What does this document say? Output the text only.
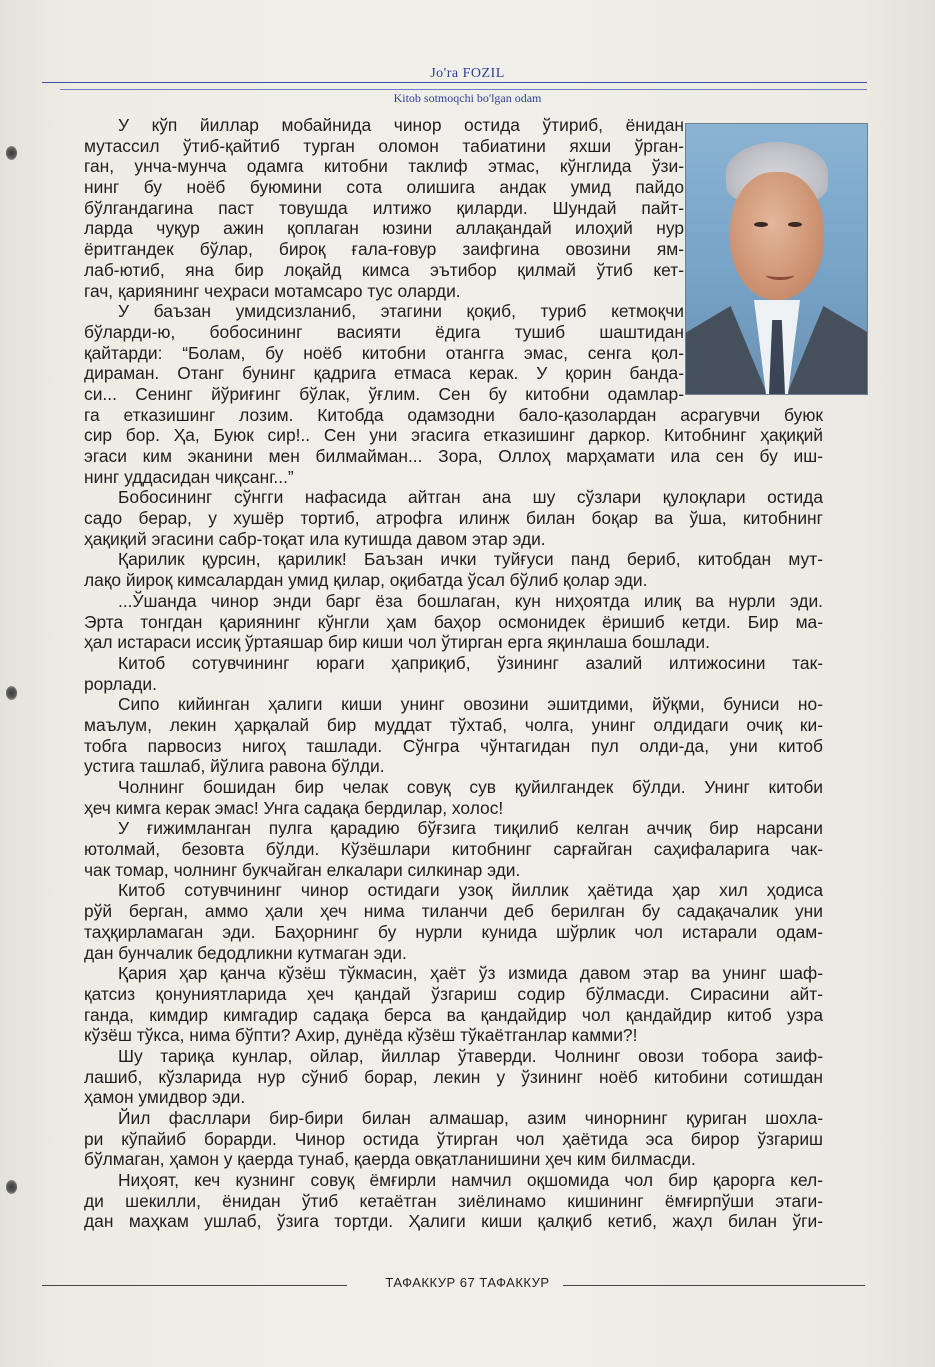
Jo'ra FOZIL
Kitob sotmoqchi bo'lgan odam
У кўп йиллар мобайнида чинор остида ўтириб, ёнидан
мутассил ўтиб-қайтиб турган оломон табиатини яхши ўрган-
ган, унча-мунча одамга китобни таклиф этмас, кўнглида ўзи-
нинг бу ноёб буюмини сота олишига андак умид пайдо
бўлгандагина паст товушда илтижо қиларди. Шундай пайт-
ларда чуқур ажин қоплаган юзини аллақандай илоҳий нур
ёритгандек бўлар, бироқ ғала-ғовур заифгина овозини ям-
лаб-ютиб, яна бир лоқайд кимса эътибор қилмай ўтиб кет-
гач, қариянинг чеҳраси мотамсаро тус оларди.
У баъзан умидсизланиб, этагини қоқиб, туриб кетмоқчи
бўларди-ю, бобосининг васияти ёдига тушиб шаштидан
қайтарди: “Болам, бу ноёб китобни отангга эмас, сенга қол-
дираман. Отанг бунинг қадрига етмаса керак. У қорин банда-
си... Сенинг йўриғинг бўлак, ўғлим. Сен бу китобни одамлар-
га етказишинг лозим. Китобда одамзодни бало-қазолардан асрагувчи буюк
сир бор. Ҳа, Буюк сир!.. Сен уни эгасига етказишинг даркор. Китобнинг ҳақиқий
эгаси ким эканини мен билмайман... Зора, Оллоҳ марҳамати ила сен бу иш-
нинг уддасидан чиқсанг...”
Бобосининг сўнгги нафасида айтган ана шу сўзлари қулоқлари остида
садо берар, у хушёр тортиб, атрофга илинж билан боқар ва ўша, китобнинг
ҳақиқий эгасини сабр-тоқат ила кутишда давом этар эди.
Қарилик қурсин, қарилик! Баъзан ички туйғуси панд бериб, китобдан мут-
лақо йироқ кимсалардан умид қилар, оқибатда ўсал бўлиб қолар эди.
...Ўшанда чинор энди барг ёза бошлаган, кун ниҳоятда илиқ ва нурли эди.
Эрта тонгдан қариянинг кўнгли ҳам баҳор осмонидек ёришиб кетди. Бир ма-
ҳал истараси иссиқ ўртаяшар бир киши чол ўтирган ерга яқинлаша бошлади.
Китоб сотувчининг юраги ҳаприқиб, ўзининг азалий илтижосини так-
рорлади.
Сипо кийинган ҳалиги киши унинг овозини эшитдими, йўқми, буниси но-
маълум, лекин ҳарқалай бир муддат тўхтаб, чолга, унинг олдидаги очиқ ки-
тобга парвосиз нигоҳ ташлади. Сўнгра чўнтагидан пул олди-да, уни китоб
устига ташлаб, йўлига равона бўлди.
Чолнинг бошидан бир челак совуқ сув қуйилгандек бўлди. Унинг китоби
ҳеч кимга керак эмас! Унга садақа бердилар, холос!
У ғижимланган пулга қарадию бўғзига тиқилиб келган аччиқ бир нарсани
ютолмай, безовта бўлди. Кўзёшлари китобнинг сарғайган саҳифаларига чак-
чак томар, чолнинг букчайган елкалари силкинар эди.
Китоб сотувчининг чинор остидаги узоқ йиллик ҳаётида ҳар хил ҳодиса
рўй берган, аммо ҳали ҳеч нима тиланчи деб берилган бу садақачалик уни
таҳқирламаган эди. Баҳорнинг бу нурли кунида шўрлик чол истарали одам-
дан бунчалик бедодликни кутмаган эди.
Қария ҳар қанча кўзёш тўкмасин, ҳаёт ўз измида давом этар ва унинг шаф-
қатсиз қонуниятларида ҳеч қандай ўзгариш содир бўлмасди. Сирасини айт-
ганда, кимдир кимгадир садақа берса ва қандайдир чол қандайдир китоб узра
кўзёш тўкса, нима бўпти? Ахир, дунёда кўзёш тўкаётганлар камми?!
Шу тариқа кунлар, ойлар, йиллар ўтаверди. Чолнинг овози тобора заиф-
лашиб, кўзларида нур сўниб борар, лекин у ўзининг ноёб китобини сотишдан
ҳамон умидвор эди.
Йил фасллари бир-бири билан алмашар, азим чинорнинг қуриган шохла-
ри кўпайиб борарди. Чинор остида ўтирган чол ҳаётида эса бирор ўзгариш
бўлмаган, ҳамон у қаерда тунаб, қаерда овқатланишини ҳеч ким билмасди.
Ниҳоят, кеч кузнинг совуқ ёмғирли намчил оқшомида чол бир қарорга кел-
ди шекилли, ёнидан ўтиб кетаётган зиёлинамо кишининг ёмғирпўши этаги-
дан маҳкам ушлаб, ўзига тортди. Ҳалиги киши қалқиб кетиб, жаҳл билан ўги-
ТАФАККУР 67 ТАФАККУР
